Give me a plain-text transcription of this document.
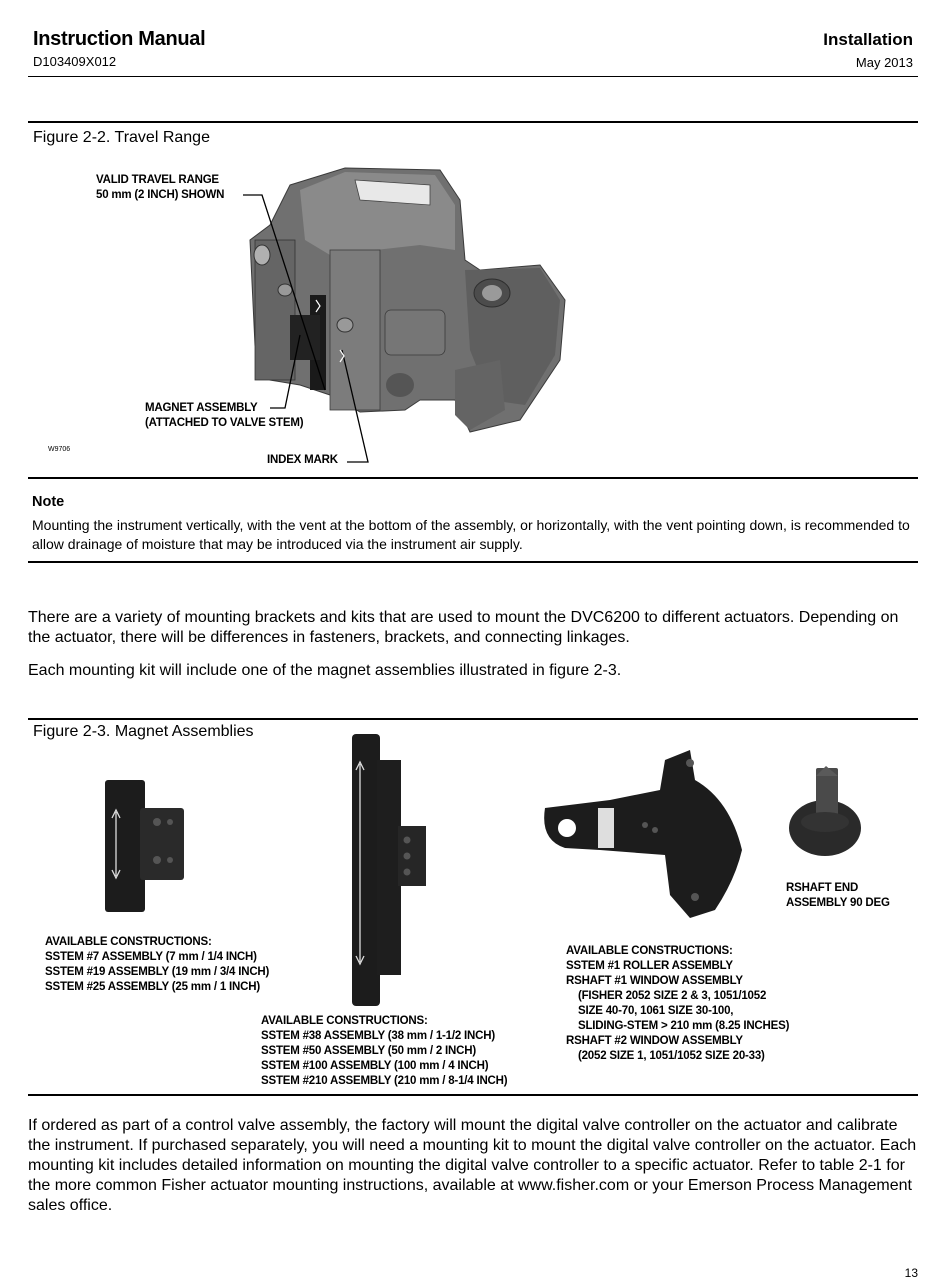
Instruction Manual
D103409X012
Installation
May 2013
Figure 2-2. Travel Range
VALID TRAVEL RANGE
50 mm (2 INCH) SHOWN
MAGNET ASSEMBLY
(ATTACHED TO VALVE STEM)
INDEX MARK
W9706
Note
Mounting the instrument vertically, with the vent at the bottom of the assembly, or horizontally, with the vent pointing down, is recommended to allow drainage of moisture that may be introduced via the instrument air supply.
There are a variety of mounting brackets and kits that are used to mount the DVC6200 to different actuators. Depending on the actuator, there will be differences in fasteners, brackets, and connecting linkages.
Each mounting kit will include one of the magnet assemblies illustrated in figure 2-3.
Figure 2-3. Magnet Assemblies
AVAILABLE CONSTRUCTIONS:
SSTEM #7 ASSEMBLY (7 mm / 1/4 INCH)
SSTEM #19 ASSEMBLY (19 mm / 3/4 INCH)
SSTEM #25 ASSEMBLY (25 mm / 1 INCH)
AVAILABLE CONSTRUCTIONS:
SSTEM #38 ASSEMBLY (38 mm / 1-1/2 INCH)
SSTEM #50 ASSEMBLY (50 mm / 2 INCH)
SSTEM #100 ASSEMBLY (100 mm / 4 INCH)
SSTEM #210 ASSEMBLY (210 mm / 8-1/4 INCH)
AVAILABLE CONSTRUCTIONS:
SSTEM #1 ROLLER ASSEMBLY
RSHAFT #1 WINDOW ASSEMBLY
(FISHER 2052 SIZE 2 & 3, 1051/1052
SIZE 40-70, 1061 SIZE 30-100,
SLIDING-STEM > 210 mm (8.25 INCHES)
RSHAFT #2 WINDOW ASSEMBLY
(2052 SIZE 1, 1051/1052 SIZE 20-33)
RSHAFT END
ASSEMBLY 90 DEG
If ordered as part of a control valve assembly, the factory will mount the digital valve controller on the actuator and calibrate the instrument. If purchased separately, you will need a mounting kit to mount the digital valve controller on the actuator. Each mounting kit includes detailed information on mounting the digital valve controller to a specific actuator. Refer to table 2-1 for the more common Fisher actuator mounting instructions, available at www.fisher.com or your Emerson Process Management sales office.
13
